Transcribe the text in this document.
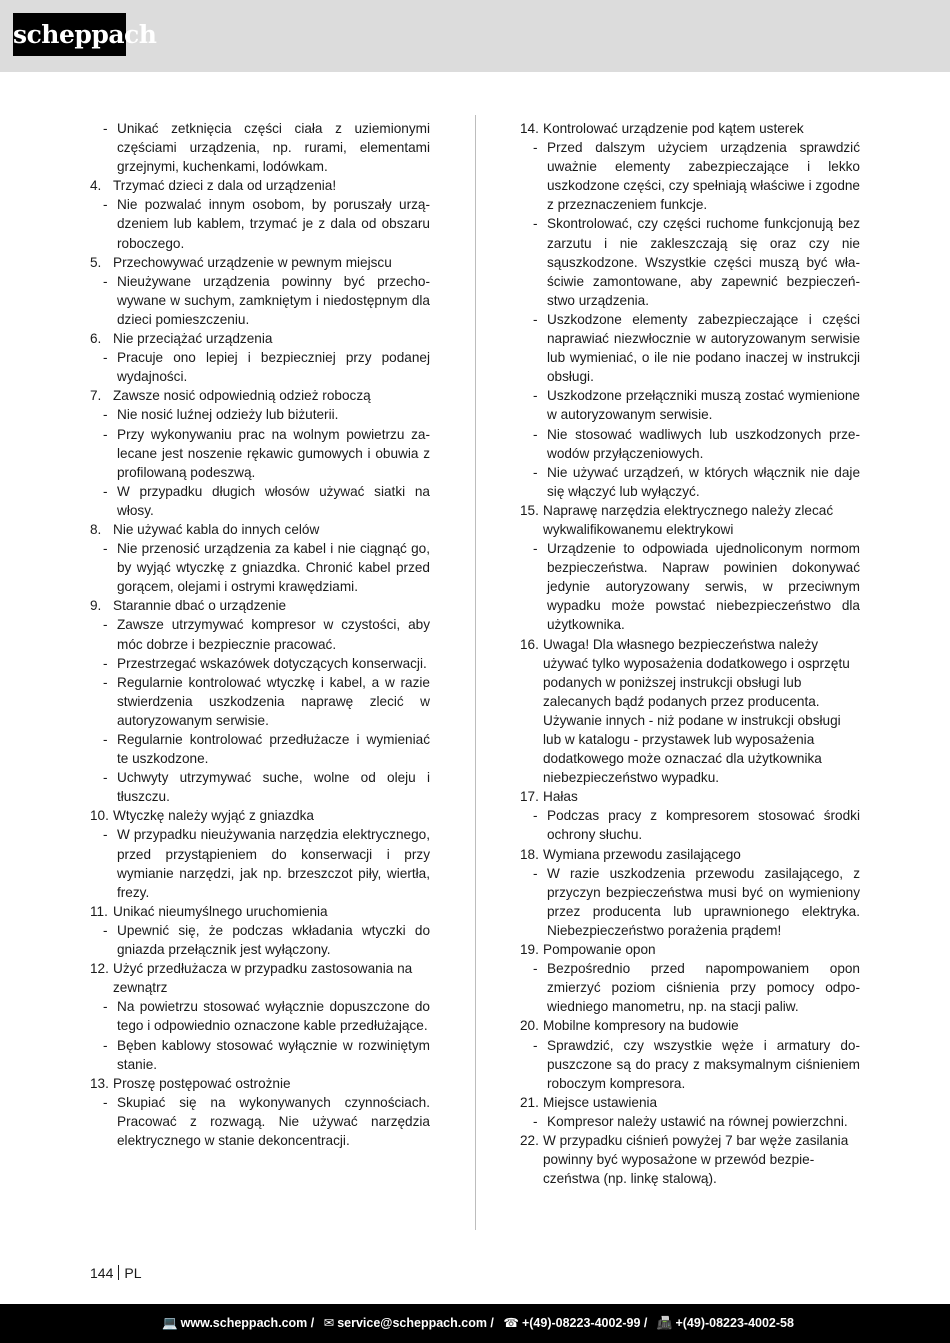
scheppach
- Unikać zetknięcia części ciała z uziemionymi częściami urządzenia, np. rurami, elementami grzejnymi, kuchenkami, lodówkam.
4. Trzymać dzieci z dala od urządzenia!
- Nie pozwalać innym osobom, by poruszały urządzeniem lub kablem, trzymać je z dala od obszaru roboczego.
5. Przechowywać urządzenie w pewnym miejscu
- Nieużywane urządzenia powinny być przechowywane w suchym, zamkniętym i niedostępnym dla dzieci pomieszczeniu.
6. Nie przeciążać urządzenia
- Pracuje ono lepiej i bezpieczniej przy podanej wydajności.
7. Zawsze nosić odpowiednią odzież roboczą
- Nie nosić luźnej odzieży lub biżuterii.
- Przy wykonywaniu prac na wolnym powietrzu zalecane jest noszenie rękawic gumowych i obuwia z profilowaną podeszwą.
- W przypadku długich włosów używać siatki na włosy.
8. Nie używać kabla do innych celów
- Nie przenosić urządzenia za kabel i nie ciągnąć go, by wyjąć wtyczkę z gniazdka. Chronić kabel przed gorącem, olejami i ostrymi krawędziami.
9. Starannie dbać o urządzenie
- Zawsze utrzymywać kompresor w czystości, aby móc dobrze i bezpiecznie pracować.
- Przestrzegać wskazówek dotyczących konserwacji.
- Regularnie kontrolować wtyczkę i kabel, a w razie stwierdzenia uszkodzenia naprawę zlecić w autoryzowanym serwisie.
- Regularnie kontrolować przedłużacze i wymieniać te uszkodzone.
- Uchwyty utrzymywać suche, wolne od oleju i tłuszczu.
10. Wtyczkę należy wyjąć z gniazdka
- W przypadku nieużywania narzędzia elektrycznego, przed przystąpieniem do konserwacji i przy wymianie narzędzi, jak np. brzeszczot piły, wiertła, frezy.
11. Unikać nieumyślnego uruchomienia
- Upewnić się, że podczas wkładania wtyczki do gniazda przełącznik jest wyłączony.
12. Użyć przedłużacza w przypadku zastosowania na zewnątrz
- Na powietrzu stosować wyłącznie dopuszczone do tego i odpowiednio oznaczone kable przedłużające.
- Bęben kablowy stosować wyłącznie w rozwiniętym stanie.
13. Proszę postępować ostrożnie
- Skupiać się na wykonywanych czynnościach. Pracować z rozwagą. Nie używać narzędzia elektrycznego w stanie dekoncentracji.
14. Kontrolować urządzenie pod kątem usterek
- Przed dalszym użyciem urządzenia sprawdzić uważnie elementy zabezpieczające i lekko uszkodzone części, czy spełniają właściwe i zgodne z przeznaczeniem funkcje.
- Skontrolować, czy części ruchome funkcjonują bez zarzutu i nie zakleszczają się oraz czy nie sąuszkodzone. Wszystkie części muszą być właściwie zamontowane, aby zapewnić bezpieczeństwo urządzenia.
- Uszkodzone elementy zabezpieczające i części naprawiać niezwłocznie w autoryzowanym serwisie lub wymieniać, o ile nie podano inaczej w instrukcji obsługi.
- Uszkodzone przełączniki muszą zostać wymienione w autoryzowanym serwisie.
- Nie stosować wadliwych lub uszkodzonych przewodów przyłączeniowych.
- Nie używać urządzeń, w których włącznik nie daje się włączyć lub wyłączyć.
15. Naprawę narzędzia elektrycznego należy zlecać wykwalifikowanemu elektrykowi
- Urządzenie to odpowiada ujednoliconym normom bezpieczeństwa. Napraw powinien dokonywać jedynie autoryzowany serwis, w przeciwnym wypadku może powstać niebezpieczeństwo dla użytkownika.
16. Uwaga! Dla własnego bezpieczeństwa należy używać tylko wyposażenia dodatkowego i osprzętu podanych w poniższej instrukcji obsługi lub zalecanych bądź podanych przez producenta. Używanie innych - niż podane w instrukcji obsługi lub w katalogu - przystawek lub wyposażenia dodatkowego może oznaczać dla użytkownika niebezpieczeństwo wypadku.
17. Hałas
- Podczas pracy z kompresorem stosować środki ochrony słuchu.
18. Wymiana przewodu zasilającego
- W razie uszkodzenia przewodu zasilającego, z przyczyn bezpieczeństwa musi być on wymieniony przez producenta lub uprawnionego elektryka. Niebezpieczeństwo porażenia prądem!
19. Pompowanie opon
- Bezpośrednio przed napompowaniem opon zmierzyć poziom ciśnienia przy pomocy odpowiedniego manometru, np. na stacji paliw.
20. Mobilne kompresory na budowie
- Sprawdzić, czy wszystkie węże i armatury dopuszczone są do pracy z maksymalnym ciśnieniem roboczym kompresora.
21. Miejsce ustawienia
- Kompresor należy ustawić na równej powierzchni.
22. W przypadku ciśnień powyżej 7 bar węże zasilania powinny być wyposażone w przewód bezpieczeństwa (np. linkę stalową).
144 PL
💻 www.scheppach.com / ✉ service@scheppach.com / ☎ +(49)-08223-4002-99 / 📠 +(49)-08223-4002-58
